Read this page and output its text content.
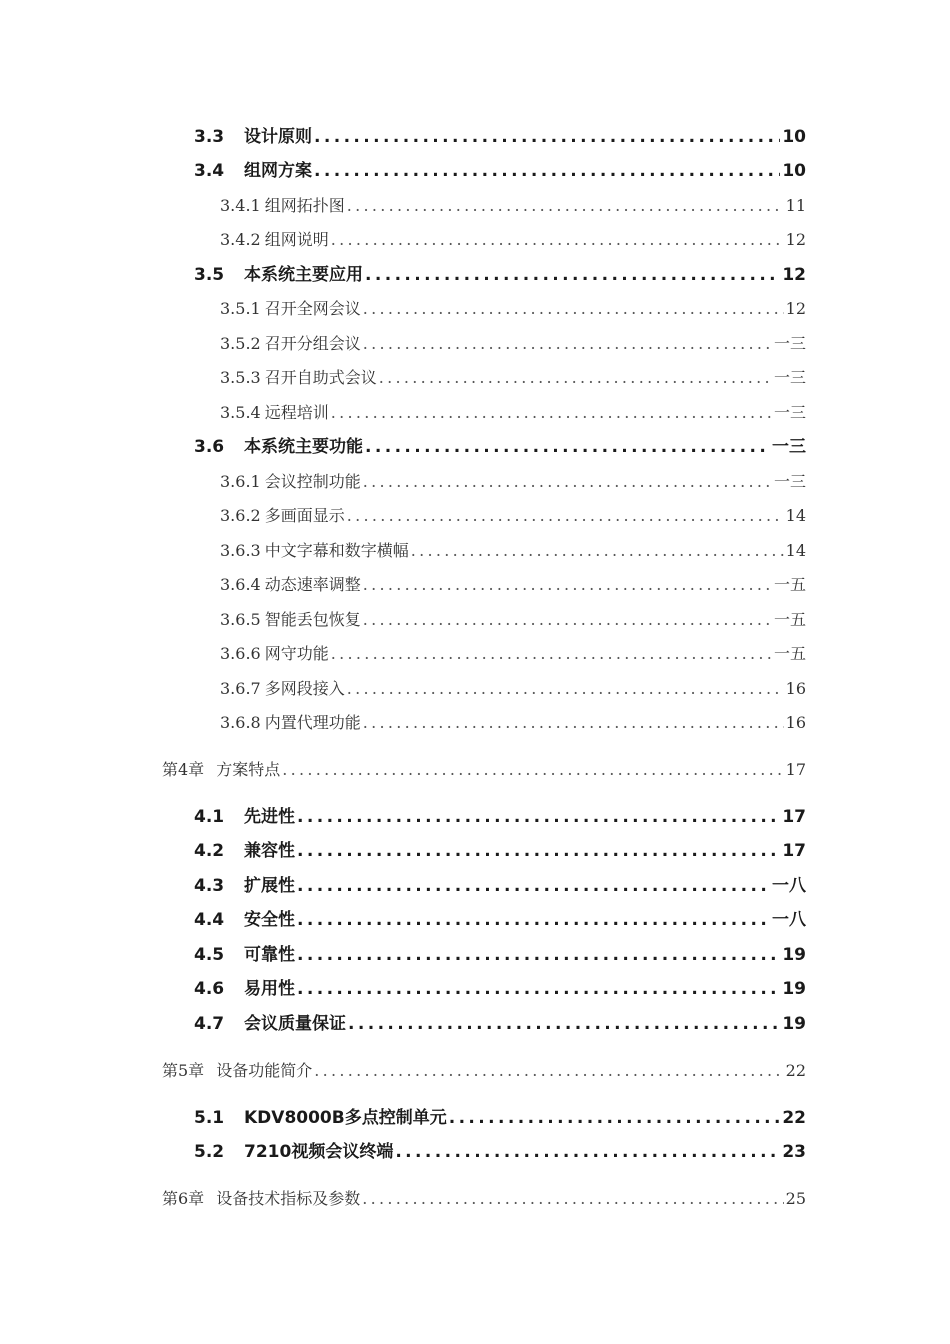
3.3	设计原则 .....	10
3.4	组网方案 .....	10
3.4.1 组网拓扑图 .....	11
3.4.2 组网说明 .....	12
3.5	本系统主要应用 .....	12
3.5.1 召开全网会议 .....	12
3.5.2 召开分组会议 .....	一三
3.5.3 召开自助式会议 .....	一三
3.5.4 远程培训 .....	一三
3.6	本系统主要功能 .....	一三
3.6.1 会议控制功能 .....	一三
3.6.2 多画面显示 .....	14
3.6.3 中文字幕和数字横幅 .....	14
3.6.4 动态速率调整 .....	一五
3.6.5 智能丢包恢复 .....	一五
3.6.6 网守功能 .....	一五
3.6.7 多网段接入 .....	16
3.6.8 内置代理功能 .....	16
第4章 方案特点 .....	17
4.1	先进性 .....	17
4.2	兼容性 .....	17
4.3	扩展性 .....	一八
4.4	安全性 .....	一八
4.5	可靠性 .....	19
4.6	易用性 .....	19
4.7	会议质量保证 .....	19
第5章 设备功能简介 .....	22
5.1	KDV8000B多点控制单元 .....	22
5.2	7210视频会议终端 .....	23
第6章 设备技术指标及参数 .....	25
